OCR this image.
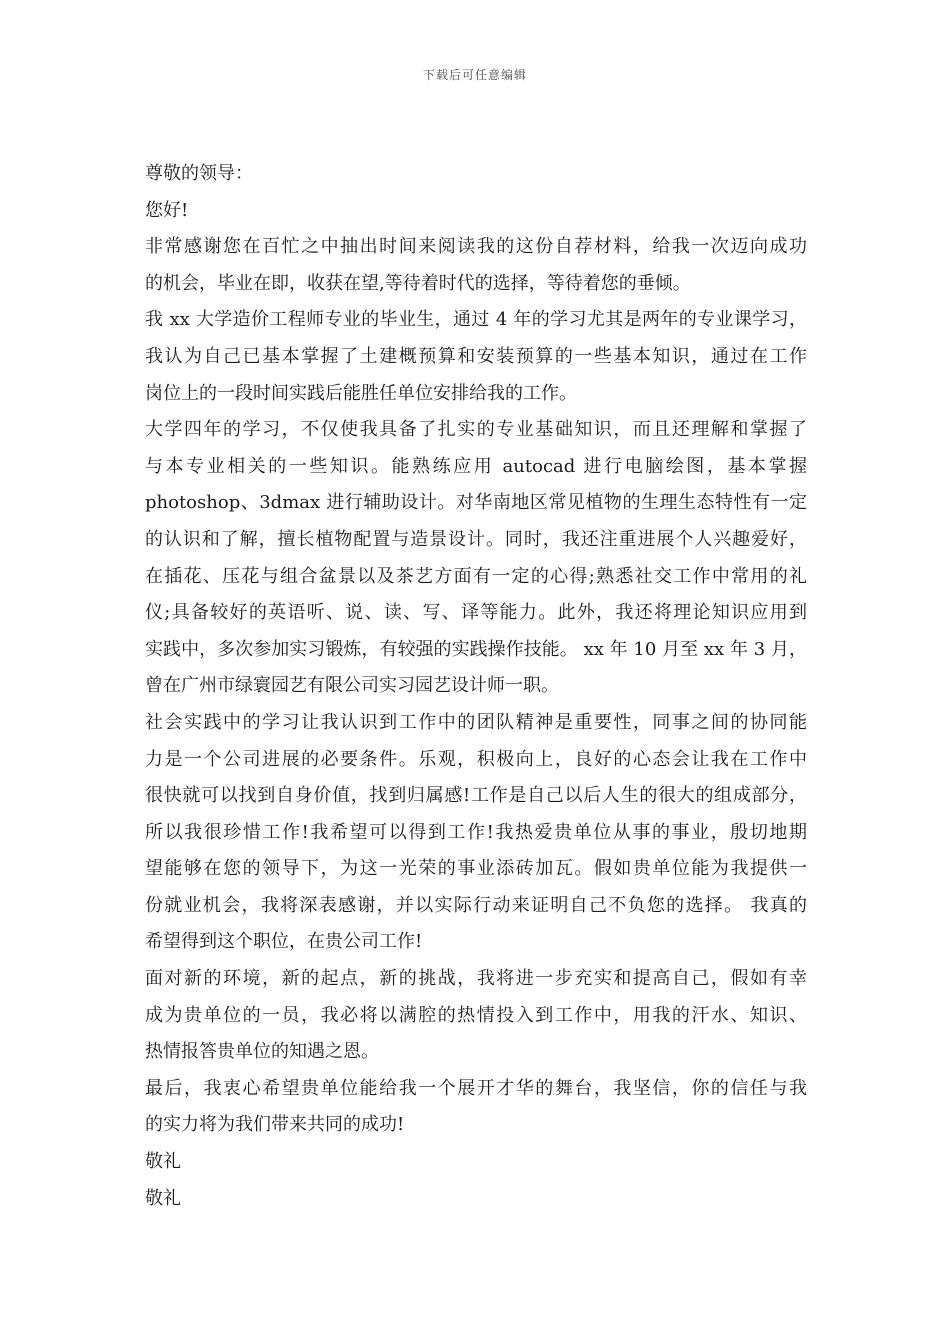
下载后可任意编辑
尊敬的领导：
您好!
非常感谢您在百忙之中抽出时间来阅读我的这份自荐材料，给我一次迈向成功
的机会，毕业在即，收获在望,等待着时代的选择，等待着您的垂倾。
我 xx 大学造价工程师专业的毕业生，通过 4 年的学习尤其是两年的专业课学习，
我认为自己已基本掌握了土建概预算和安装预算的一些基本知识，通过在工作
岗位上的一段时间实践后能胜任单位安排给我的工作。
大学四年的学习，不仅使我具备了扎实的专业基础知识，而且还理解和掌握了
与本专业相关的一些知识。能熟练应用 autocad 进行电脑绘图，基本掌握
photoshop、3dmax 进行辅助设计。对华南地区常见植物的生理生态特性有一定
的认识和了解，擅长植物配置与造景设计。同时，我还注重进展个人兴趣爱好，
在插花、压花与组合盆景以及茶艺方面有一定的心得;熟悉社交工作中常用的礼
仪;具备较好的英语听、说、读、写、译等能力。此外，我还将理论知识应用到
实践中，多次参加实习锻炼，有较强的实践操作技能。 xx 年 10 月至 xx 年 3 月，
曾在广州市绿寰园艺有限公司实习园艺设计师一职。
社会实践中的学习让我认识到工作中的团队精神是重要性，同事之间的协同能
力是一个公司进展的必要条件。乐观，积极向上，良好的心态会让我在工作中
很快就可以找到自身价值，找到归属感!工作是自己以后人生的很大的组成部分，
所以我很珍惜工作!我希望可以得到工作!我热爱贵单位从事的事业，殷切地期
望能够在您的领导下，为这一光荣的事业添砖加瓦。假如贵单位能为我提供一
份就业机会，我将深表感谢，并以实际行动来证明自己不负您的选择。 我真的
希望得到这个职位，在贵公司工作!
面对新的环境，新的起点，新的挑战，我将进一步充实和提高自己，假如有幸
成为贵单位的一员，我必将以满腔的热情投入到工作中，用我的汗水、知识、
热情报答贵单位的知遇之恩。
最后，我衷心希望贵单位能给我一个展开才华的舞台，我坚信，你的信任与我
的实力将为我们带来共同的成功!
敬礼
敬礼
